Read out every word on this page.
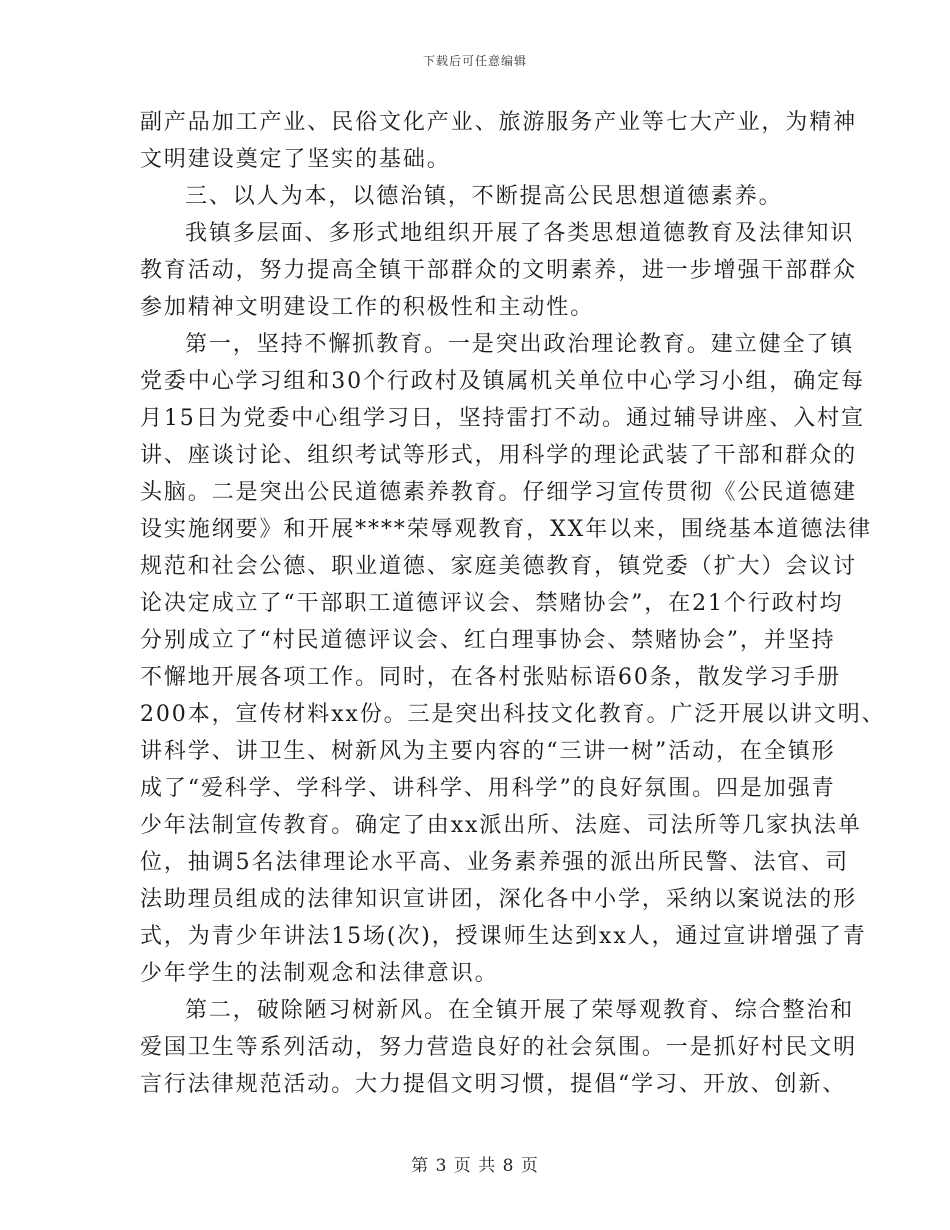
下载后可任意编辑
副产品加工产业、民俗文化产业、旅游服务产业等七大产业，为精神
文明建设奠定了坚实的基础。
三、以人为本，以德治镇，不断提高公民思想道德素养。
我镇多层面、多形式地组织开展了各类思想道德教育及法律知识
教育活动，努力提高全镇干部群众的文明素养，进一步增强干部群众
参加精神文明建设工作的积极性和主动性。
第一，坚持不懈抓教育。一是突出政治理论教育。建立健全了镇
党委中心学习组和30个行政村及镇属机关单位中心学习小组，确定每
月15日为党委中心组学习日，坚持雷打不动。通过辅导讲座、入村宣
讲、座谈讨论、组织考试等形式，用科学的理论武装了干部和群众的
头脑。二是突出公民道德素养教育。仔细学习宣传贯彻《公民道德建
设实施纲要》和开展****荣辱观教育，XX年以来，围绕基本道德法律
规范和社会公德、职业道德、家庭美德教育，镇党委（扩大）会议讨
论决定成立了“干部职工道德评议会、禁赌协会”，在21个行政村均
分别成立了“村民道德评议会、红白理事协会、禁赌协会”，并坚持
不懈地开展各项工作。同时，在各村张贴标语60条，散发学习手册
200本，宣传材料xx份。三是突出科技文化教育。广泛开展以讲文明、
讲科学、讲卫生、树新风为主要内容的“三讲一树”活动，在全镇形
成了“爱科学、学科学、讲科学、用科学”的良好氛围。四是加强青
少年法制宣传教育。确定了由xx派出所、法庭、司法所等几家执法单
位，抽调5名法律理论水平高、业务素养强的派出所民警、法官、司
法助理员组成的法律知识宣讲团，深化各中小学，采纳以案说法的形
式，为青少年讲法15场(次)，授课师生达到xx人，通过宣讲增强了青
少年学生的法制观念和法律意识。
第二，破除陋习树新风。在全镇开展了荣辱观教育、综合整治和
爱国卫生等系列活动，努力营造良好的社会氛围。一是抓好村民文明
言行法律规范活动。大力提倡文明习惯，提倡“学习、开放、创新、
第 3 页 共 8 页
